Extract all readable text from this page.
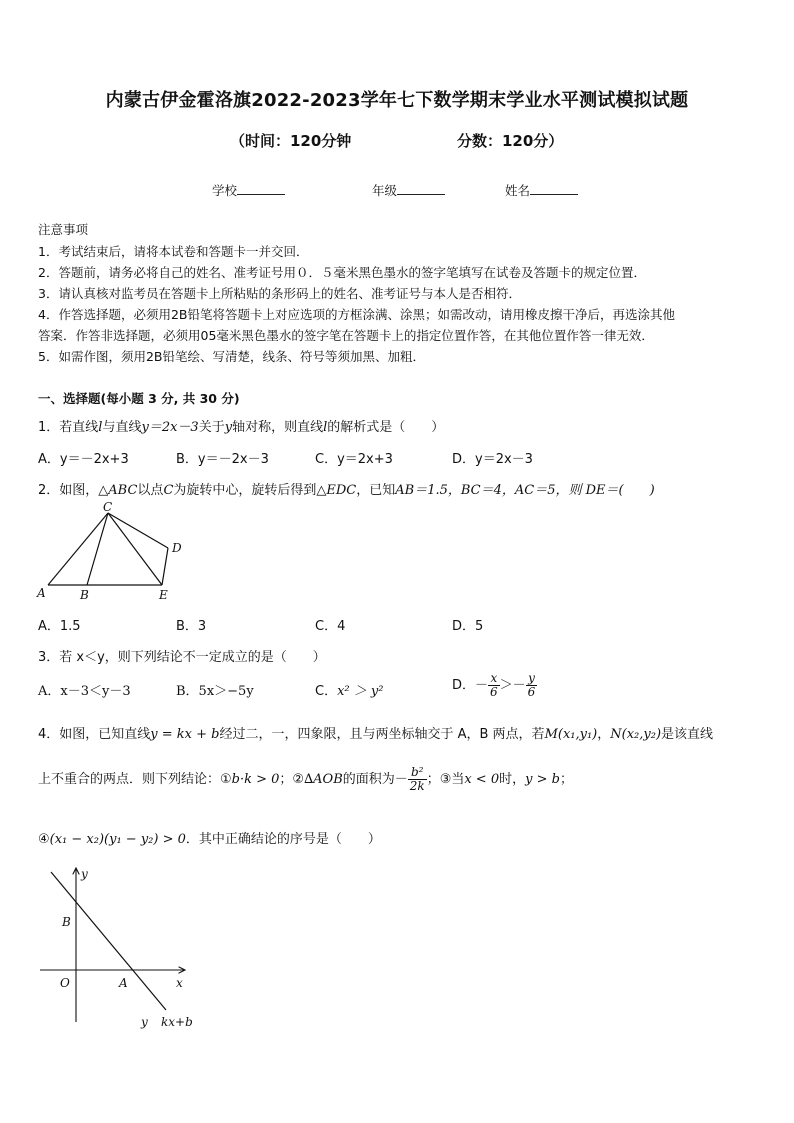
内蒙古伊金霍洛旗2022-2023学年七下数学期末学业水平测试模拟试题
（时间：120分钟	分数：120分）
学校	年级	姓名
注意事项
1．考试结束后，请将本试卷和答题卡一并交回．
2．答题前，请务必将自己的姓名、准考证号用０．５毫米黑色墨水的签字笔填写在试卷及答题卡的规定位置．
3．请认真核对监考员在答题卡上所粘贴的条形码上的姓名、准考证号与本人是否相符．
4．作答选择题，必须用2B铅笔将答题卡上对应选项的方框涂满、涂黑；如需改动，请用橡皮擦干净后，再选涂其他
答案．作答非选择题，必须用05毫米黑色墨水的签字笔在答题卡上的指定位置作答，在其他位置作答一律无效．
5．如需作图，须用2B铅笔绘、写清楚，线条、符号等须加黑、加粗．
一、选择题(每小题 3 分, 共 30 分)
1．若直线l与直线y＝2x－3关于y轴对称，则直线l的解析式是（　　）
A．y＝－2x+3	B．y＝－2x－3	C．y＝2x+3	D．y＝2x－3
2．如图，△ABC以点C为旋转中心，旋转后得到△EDC，已知AB＝1.5，BC＝4，AC＝5，则 DE＝(　　)
C
D
A	B	E
A．1.5	B．3	C．4	D．5
3．若 x＜y，则下列结论不一定成立的是（　　）
A．x－3＜y－3	B．5x＞−5y	C．x² ＞ y²	D．－ $\frac{x}{6} >- \frac{y}{6}$
4．如图，已知直线y = kx + b经过二，一，四象限，且与两坐标轴交于 A，B 两点，若M(x₁,y₁)，N(x₂,y₂)是该直线
上不重合的两点．则下列结论：①b·k > 0；②∆AOB的面积为－ $\frac{\text{b²}}{2k}$ ；③当x < 0时，y > b；
④(x₁ − x₂)(y₁ − y₂) > 0．其中正确结论的序号是（　　）
y
x
B
O	A
y kx+b
